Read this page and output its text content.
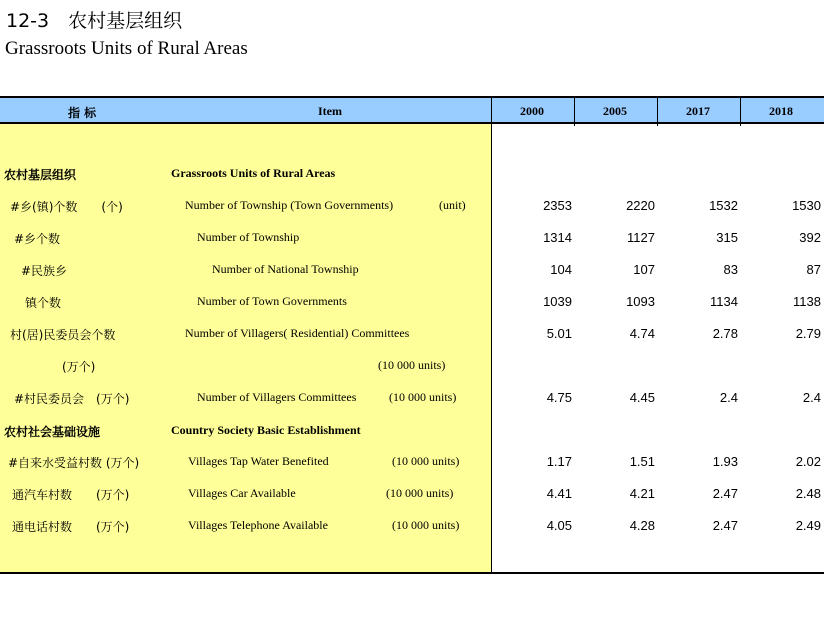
12-3　农村基层组织
Grassroots Units of Rural Areas
指 标	Item	2000	2005	2017	2018
农村基层组织	Grassroots Units of Rural Areas
#乡(镇)个数　　(个)	Number of Township (Town Governments)	(unit)	2353	2220	1532	1530
#乡个数	Number of Township	1314	1127	315	392
#民族乡	Number of National Township	104	107	83	87
镇个数	Number of Town Governments	1039	1093	1134	1138
村(居)民委员会个数	Number of Villagers( Residential) Committees	5.01	4.74	2.78	2.79
(万个)	(10 000 units)
#村民委员会　(万个)	Number of Villagers Committees	(10 000 units)	4.75	4.45	2.4	2.4
农村社会基础设施	Country Society Basic Establishment
#自来水受益村数 (万个)	Villages Tap Water Benefited	(10 000 units)	1.17	1.51	1.93	2.02
通汽车村数　　(万个)	Villages Car Available	(10 000 units)	4.41	4.21	2.47	2.48
通电话村数　　(万个)	Villages Telephone Available	(10 000 units)	4.05	4.28	2.47	2.49
